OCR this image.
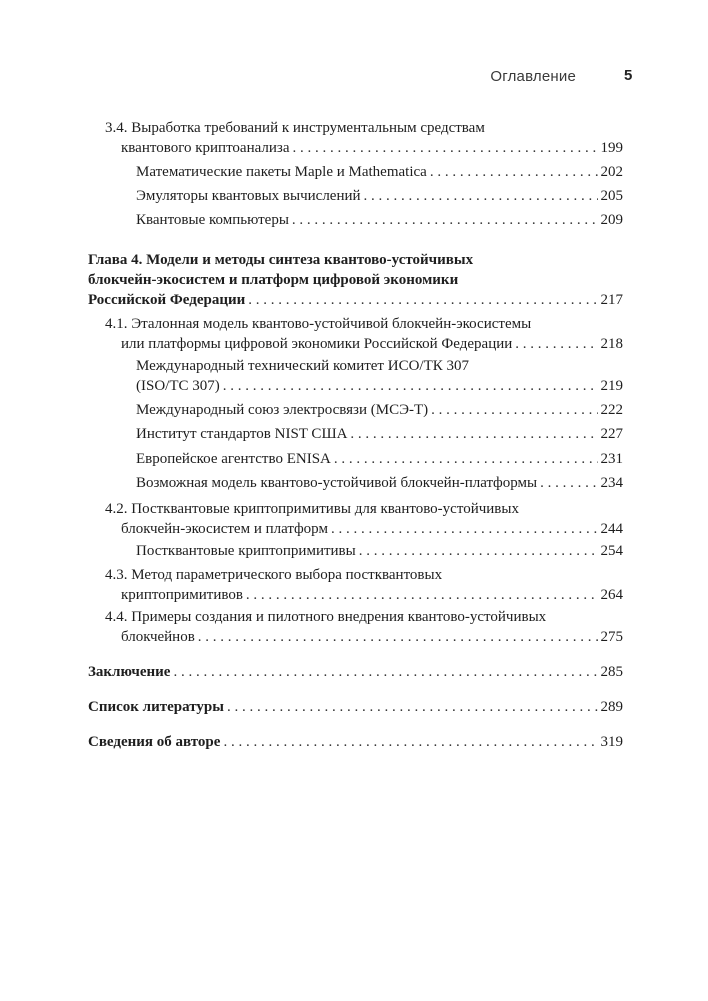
Оглавление	5
3.4. Выработка требований к инструментальным средствам
квантового криптоанализа . . .	199
Математические пакеты Maple и Mathematica . . .	202
Эмуляторы квантовых вычислений . . .	205
Квантовые компьютеры . . .	209
Глава 4. Модели и методы синтеза квантово-устойчивых
блокчейн-экосистем и платформ цифровой экономики
Российской Федерации . . .	217
4.1. Эталонная модель квантово-устойчивой блокчейн-экосистемы
или платформы цифровой экономики Российской Федерации . . .	218
Международный технический комитет ИСО/ТК 307
(ISO/TC 307) . . .	219
Международный союз электросвязи (МСЭ-Т) . . .	222
Институт стандартов NIST США . . .	227
Европейское агентство ENISA . . .	231
Возможная модель квантово-устойчивой блокчейн-платформы . . .	234
4.2. Постквантовые криптопримитивы для квантово-устойчивых
блокчейн-экосистем и платформ . . .	244
Постквантовые криптопримитивы . . .	254
4.3. Метод параметрического выбора постквантовых
криптопримитивов . . .	264
4.4. Примеры создания и пилотного внедрения квантово-устойчивых
блокчейнов . . .	275
Заключение . . .	285
Список литературы . . .	289
Сведения об авторе . . .	319
